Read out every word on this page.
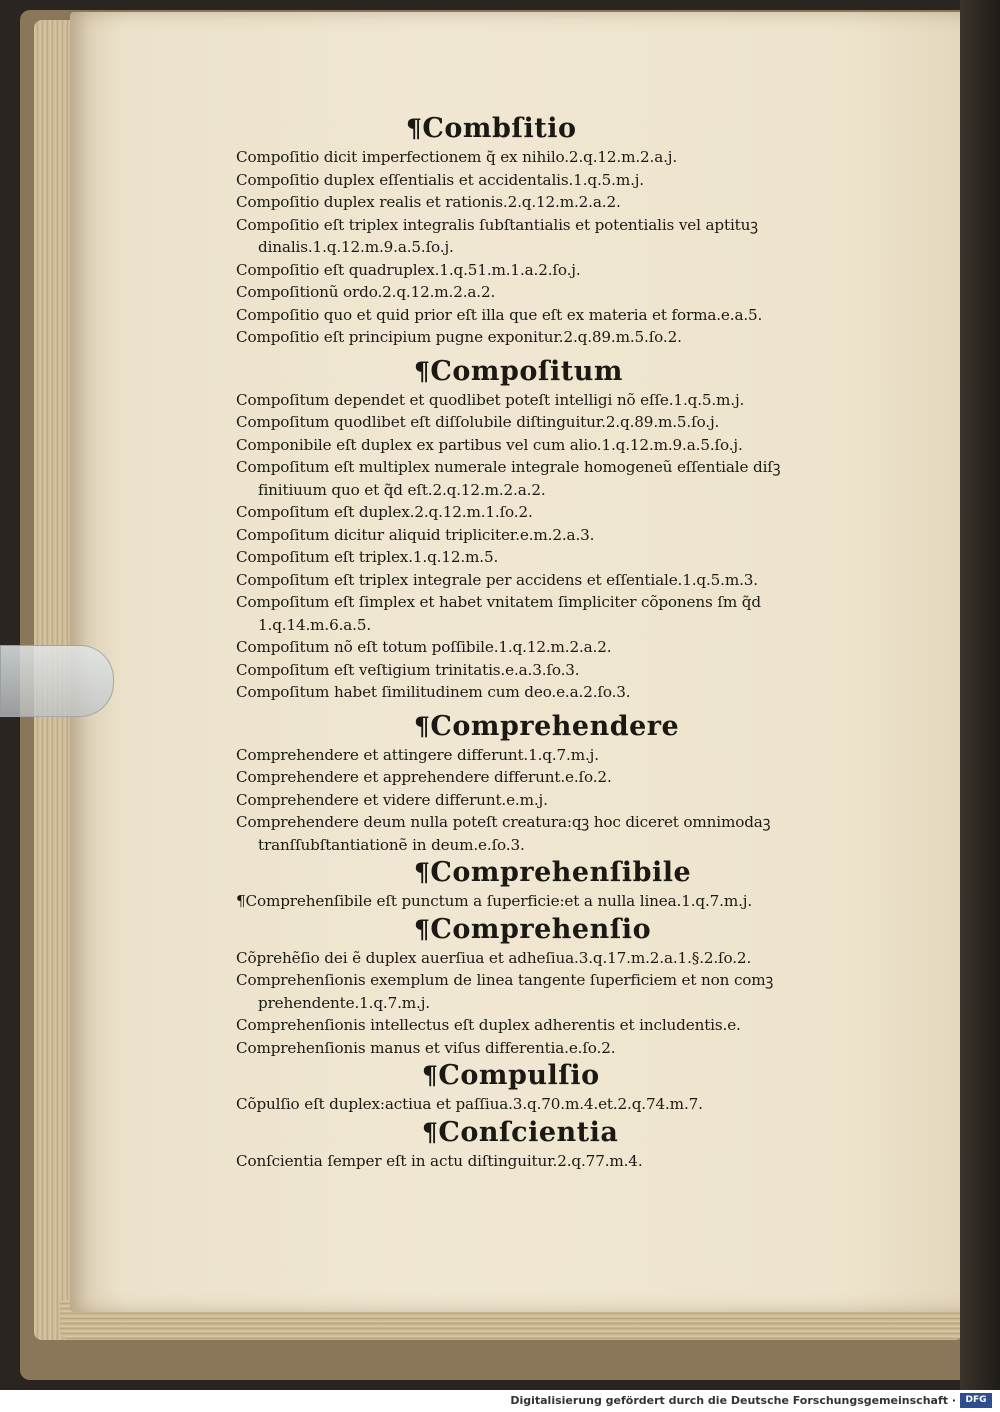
¶Combſitio
Compoſitio dicit imperfectionem q̃ ex nihilo.2.q.12.m.2.a.j.
Compoſitio duplex eſſentialis et accidentalis.1.q.5.m.j.
Compoſitio duplex realis et rationis.2.q.12.m.2.a.2.
Compoſitio eſt triplex integralis ſubſtantialis et potentialis vel aptituꝫ
dinalis.1.q.12.m.9.a.5.ſo.j.
Compoſitio eſt quadruplex.1.q.51.m.1.a.2.ſo.j.
Compoſitionũ ordo.2.q.12.m.2.a.2.
Compoſitio quo et quid prior eſt illa que eſt ex materia et forma.e.a.5.
Compoſitio eſt principium pugne exponitur.2.q.89.m.5.ſo.2.
¶Compoſitum
Compoſitum dependet et quodlibet poteſt intelligi nõ eſſe.1.q.5.m.j.
Compoſitum quodlibet eſt diſſolubile diſtinguitur.2.q.89.m.5.ſo.j.
Componibile eſt duplex ex partibus vel cum alio.1.q.12.m.9.a.5.ſo.j.
Compoſitum eſt multiplex numerale integrale homogeneũ eſſentiale diſꝫ
finitiuum quo et q̃d eſt.2.q.12.m.2.a.2.
Compoſitum eſt duplex.2.q.12.m.1.ſo.2.
Compoſitum dicitur aliquid tripliciter.e.m.2.a.3.
Compoſitum eſt triplex.1.q.12.m.5.
Compoſitum eſt triplex integrale per accidens et eſſentiale.1.q.5.m.3.
Compoſitum eſt ſimplex et habet vnitatem ſimpliciter cõponens ſm q̃d
1.q.14.m.6.a.5.
Compoſitum nõ eſt totum poſſibile.1.q.12.m.2.a.2.
Compoſitum eſt veſtigium trinitatis.e.a.3.ſo.3.
Compoſitum habet ſimilitudinem cum deo.e.a.2.ſo.3.
¶Comprehendere
Comprehendere et attingere differunt.1.q.7.m.j.
Comprehendere et apprehendere differunt.e.ſo.2.
Comprehendere et videre differunt.e.m.j.
Comprehendere deum nulla poteſt creatura:qꝫ hoc diceret omnimodaꝫ
tranſſubſtantiationẽ in deum.e.ſo.3.
¶Comprehenſibile
¶Comprehenſibile eſt punctum a ſuperficie:et a nulla linea.1.q.7.m.j.
¶Comprehenſio
Cõprehẽſio dei ẽ duplex auerſiua et adheſiua.3.q.17.m.2.a.1.§.2.ſo.2.
Comprehenſionis exemplum de linea tangente ſuperficiem et non comꝫ
prehendente.1.q.7.m.j.
Comprehenſionis intellectus eſt duplex adherentis et includentis.e.
Comprehenſionis manus et viſus differentia.e.ſo.2.
¶Compulſio
Cõpulſio eſt duplex:actiua et paſſiua.3.q.70.m.4.et.2.q.74.m.7.
¶Conſcientia
Conſcientia ſemper eſt in actu diſtinguitur.2.q.77.m.4.
Digitalisierung gefördert durch die Deutsche Forschungsgemeinschaft ·	DFG
